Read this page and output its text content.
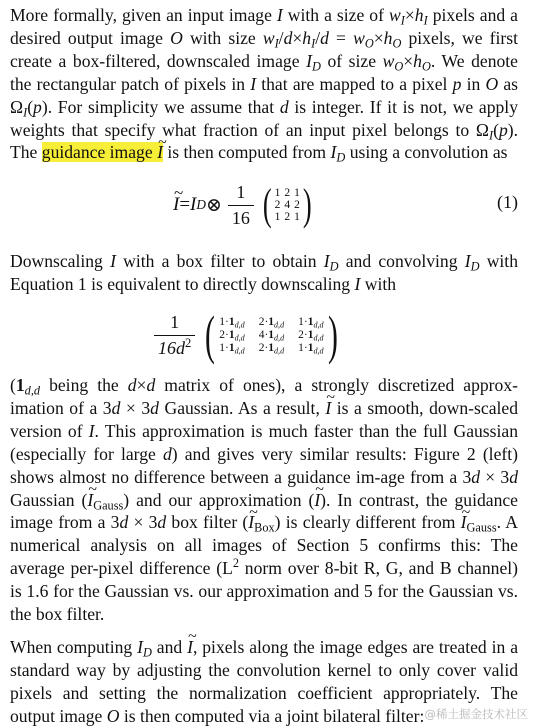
More formally, given an input image I with a size of $w_I\times h_I$ pixels and a desired output image O with size $w_I/d\times h_I/d = w_O\times h_O$ pixels, we first create a box-filtered, downscaled image $I_D$ of size $w_O\times h_O$. We denote the rectangular patch of pixels in I that are mapped to a pixel p in O as $\Omega_I(p)$. For simplicity we assume that d is integer. If it is not, we apply weights that specify what fraction of an input pixel belongs to $\Omega_I(p)$. The guidance image ~ I is then computed from $I_D$ using a convolution as

~ I = I D ⊗ $\frac{1}{16}$ ( 1 2 1
2 4 2
1 2 1 )	(1)

Downscaling I with a box filter to obtain $I_D$ and convolving $I_D$ with Equation 1 is equivalent to directly downscaling I with

$\frac{1}{16d^2}$ ( $1\cdot 1_{d,d}$ $2\cdot 1_{d,d}$ $1\cdot 1_{d,d}$
$2\cdot 1_{d,d}$ $4\cdot 1_{d,d}$ $2\cdot 1_{d,d}$
$1\cdot 1_{d,d}$ $2\cdot 1_{d,d}$ $1\cdot 1_{d,d}$ )

($1_{d,d}$ being the d×d matrix of ones), a strongly discretized approx-imation of a 3d × 3d Gaussian. As a result, ~ I is a smooth, down-scaled version of I. This approximation is much faster than the full Gaussian (especially for large d) and gives very similar results: Figure 2 (left) shows almost no difference between a guidance im-age from a 3d × 3d Gaussian (~ $I_{Gauss}$) and our approximation (~ I). In contrast, the guidance image from a 3d × 3d box filter (~ $I_{Box}$) is clearly different from ~ $I_{Gauss}$. A numerical analysis on all images of Section 5 confirms this: The average per-pixel difference ($L^2$ norm over 8-bit R, G, and B channel) is 1.6 for the Gaussian vs. our approximation and 5 for the Gaussian vs. the box filter.

When computing $I_D$ and ~ I, pixels along the image edges are treated in a standard way by adjusting the convolution kernel to only cover valid pixels and setting the normalization coefficient appropriately. The output image O is then computed via a joint bilateral filter: @稀土掘金技术社区
